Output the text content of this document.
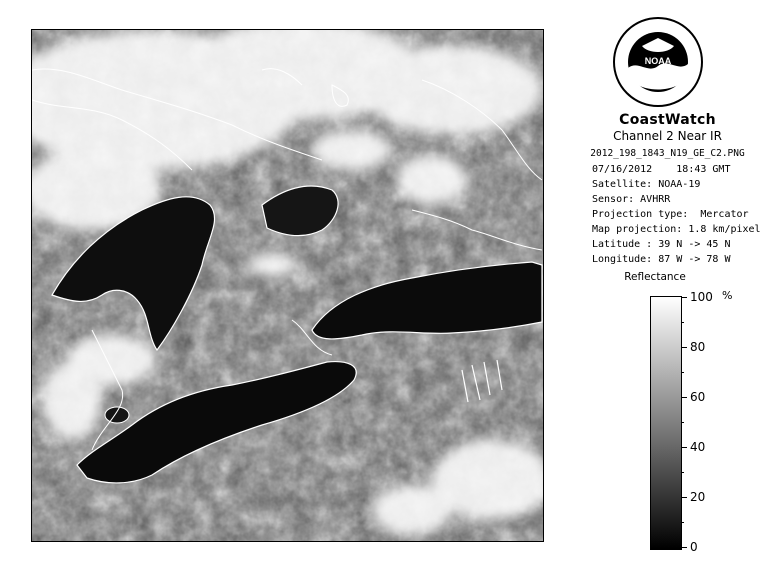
NOAA
CoastWatch
Channel 2 Near IR
2012_198_1843_N19_GE_C2.PNG
07/16/2012    18:43 GMT
Satellite: NOAA-19
Sensor: AVHRR
Projection type:  Mercator
Map projection: 1.8 km/pixel
Latitude : 39 N -> 45 N
Longitude: 87 W -> 78 W
Reflectance
%
100
80
60
40
20
0
